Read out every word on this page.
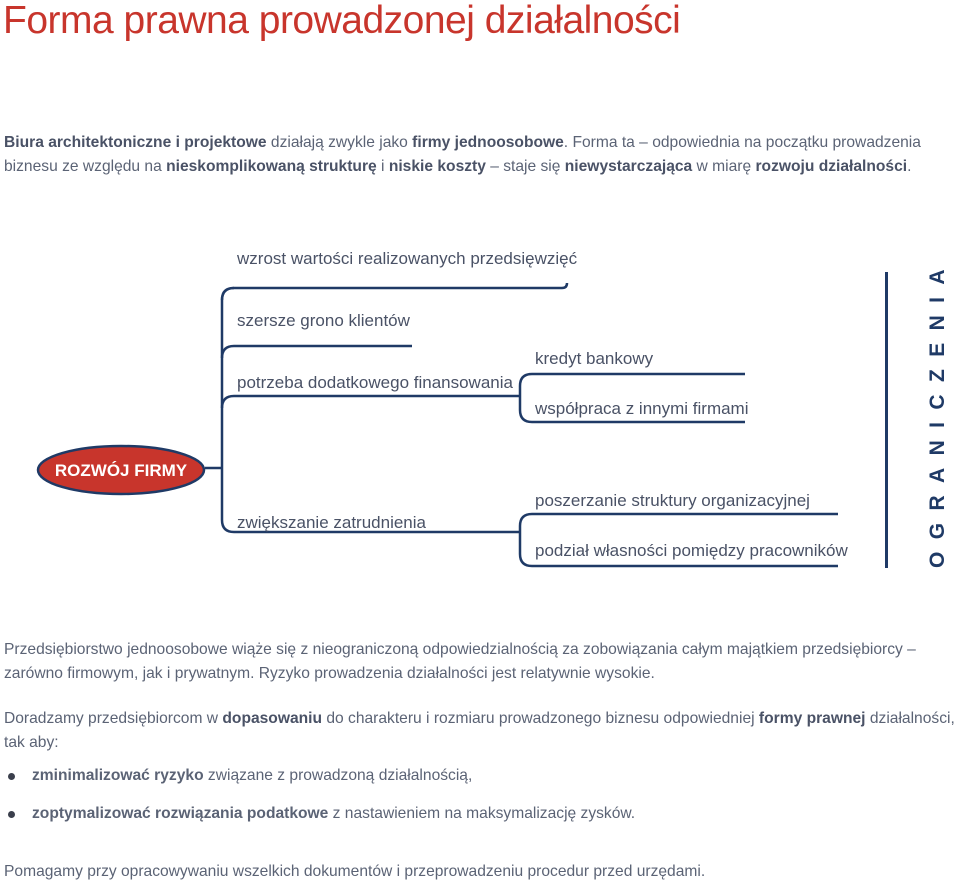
Forma prawna prowadzonej działalności

Biura architektoniczne i projektowe działają zwykle jako firmy jednoosobowe. Forma ta – odpowiednia na początku prowadzenia biznesu ze względu na nieskomplikowaną strukturę i niskie koszty – staje się niewystarczająca w miarę rozwoju działalności.

ROZWÓJ FIRMY
wzrost wartości realizowanych przedsięwzięć
szersze grono klientów
potrzeba dodatkowego finansowania
zwiększanie zatrudnienia
kredyt bankowy
współpraca z innymi firmami
poszerzanie struktury organizacyjnej
podział własności pomiędzy pracowników	OGRANICZENIA

Przedsiębiorstwo jednoosobowe wiąże się z nieograniczoną odpowiedzialnością za zobowiązania całym majątkiem przedsiębiorcy – zarówno firmowym, jak i prywatnym. Ryzyko prowadzenia działalności jest relatywnie wysokie.

Doradzamy przedsiębiorcom w dopasowaniu do charakteru i rozmiaru prowadzonego biznesu odpowiedniej formy prawnej działalności, tak aby:

zminimalizować ryzyko związane z prowadzoną działalnością,
zoptymalizować rozwiązania podatkowe z nastawieniem na maksymalizację zysków.

Pomagamy przy opracowywaniu wszelkich dokumentów i przeprowadzeniu procedur przed urzędami.
